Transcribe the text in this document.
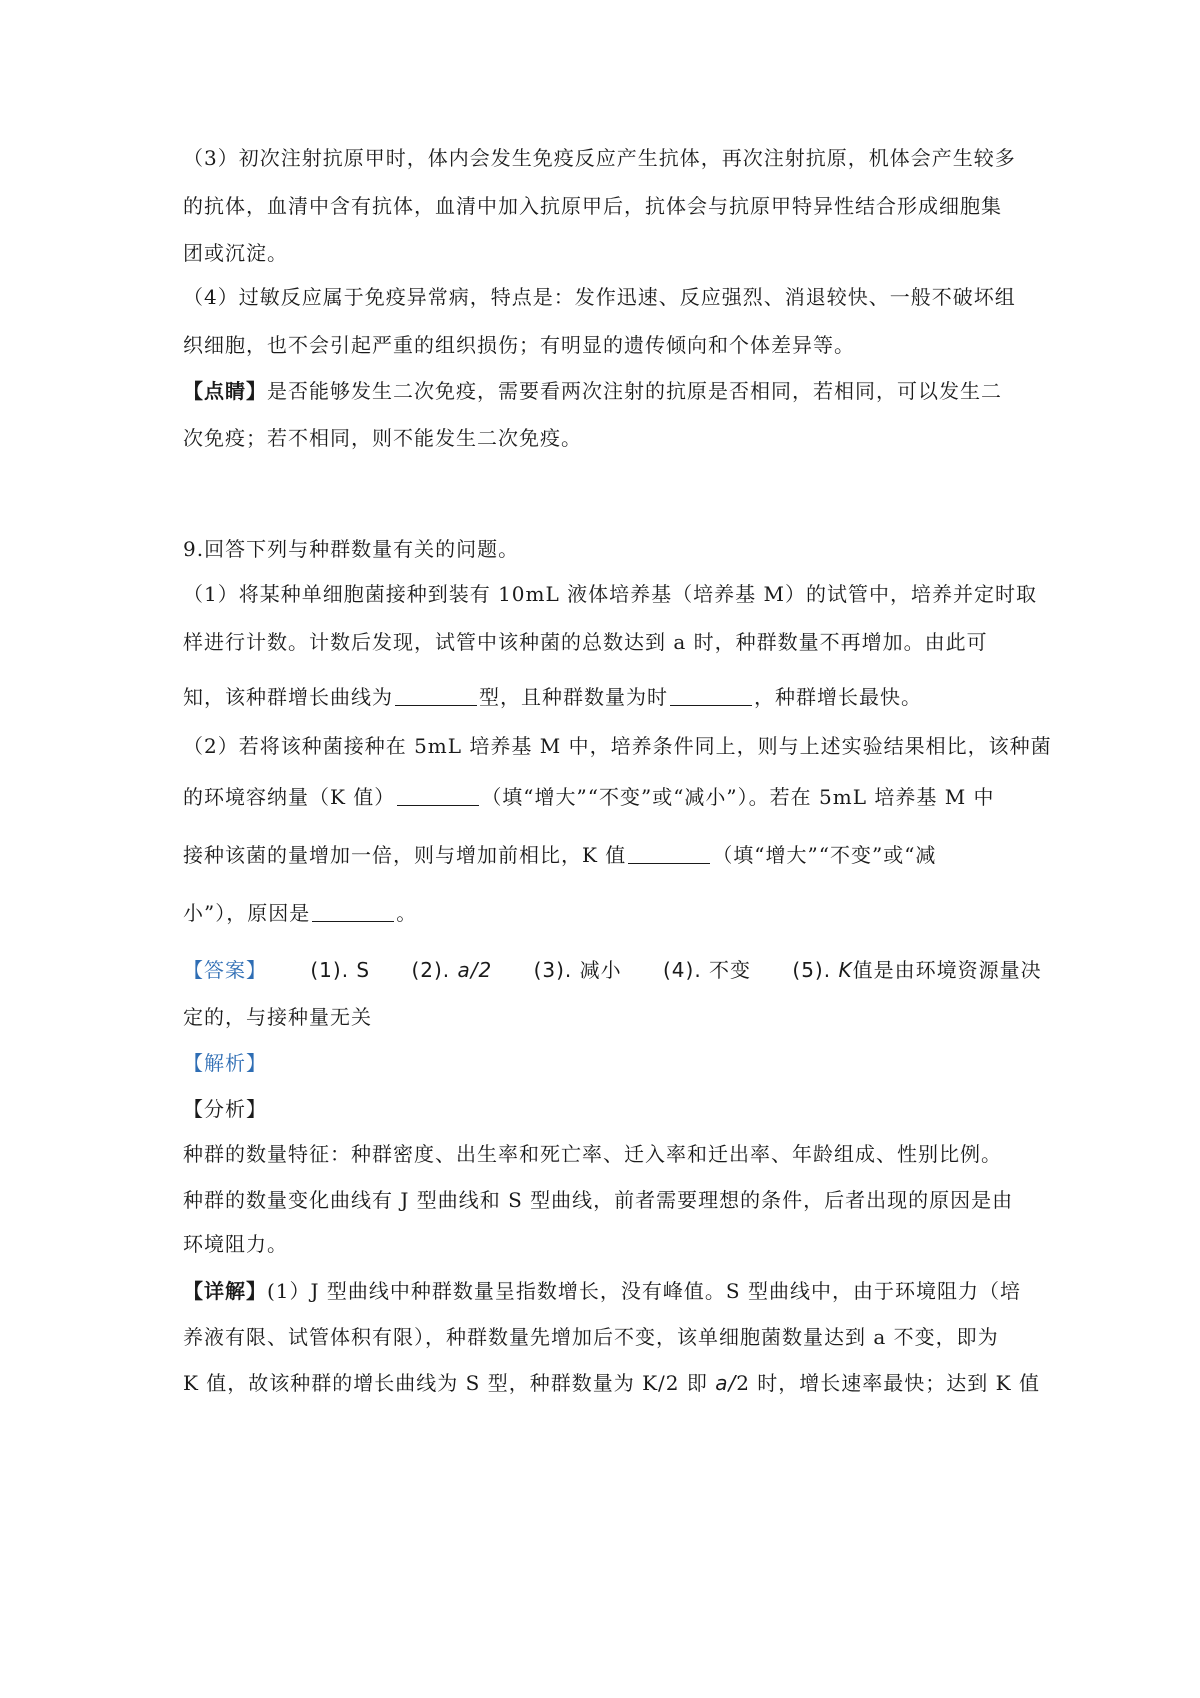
（3）初次注射抗原甲时，体内会发生免疫反应产生抗体，再次注射抗原，机体会产生较多
的抗体，血清中含有抗体，血清中加入抗原甲后，抗体会与抗原甲特异性结合形成细胞集
团或沉淀。
（4）过敏反应属于免疫异常病，特点是：发作迅速、反应强烈、消退较快、一般不破坏组
织细胞，也不会引起严重的组织损伤；有明显的遗传倾向和个体差异等。
【点睛】是否能够发生二次免疫，需要看两次注射的抗原是否相同，若相同，可以发生二
次免疫；若不相同，则不能发生二次免疫。
9.回答下列与种群数量有关的问题。
（1）将某种单细胞菌接种到装有 10mL 液体培养基（培养基 M）的试管中，培养并定时取
样进行计数。计数后发现，试管中该种菌的总数达到 a 时，种群数量不再增加。由此可
知，该种群增长曲线为	型，且种群数量为时	，种群增长最快。
（2）若将该种菌接种在 5mL 培养基 M 中，培养条件同上，则与上述实验结果相比，该种菌
的环境容纳量（K 值）	（填“增大”“不变”或“减小”）。若在 5mL 培养基 M 中
接种该菌的量增加一倍，则与增加前相比，K 值	（填“增大”“不变”或“减
小”），原因是	。
【答案】 (1). S (2). a/2 (3). 减小 (4). 不变 (5). K值是由环境资源量决
定的，与接种量无关
【解析】
【分析】
种群的数量特征：种群密度、出生率和死亡率、迁入率和迁出率、年龄组成、性别比例。
种群的数量变化曲线有 J 型曲线和 S 型曲线，前者需要理想的条件，后者出现的原因是由
环境阻力。
【详解】(1）J 型曲线中种群数量呈指数增长，没有峰值。S 型曲线中，由于环境阻力（培
养液有限、试管体积有限），种群数量先增加后不变，该单细胞菌数量达到 a 不变，即为
K 值，故该种群的增长曲线为 S 型，种群数量为 K/2 即 a/2 时，增长速率最快；达到 K 值
